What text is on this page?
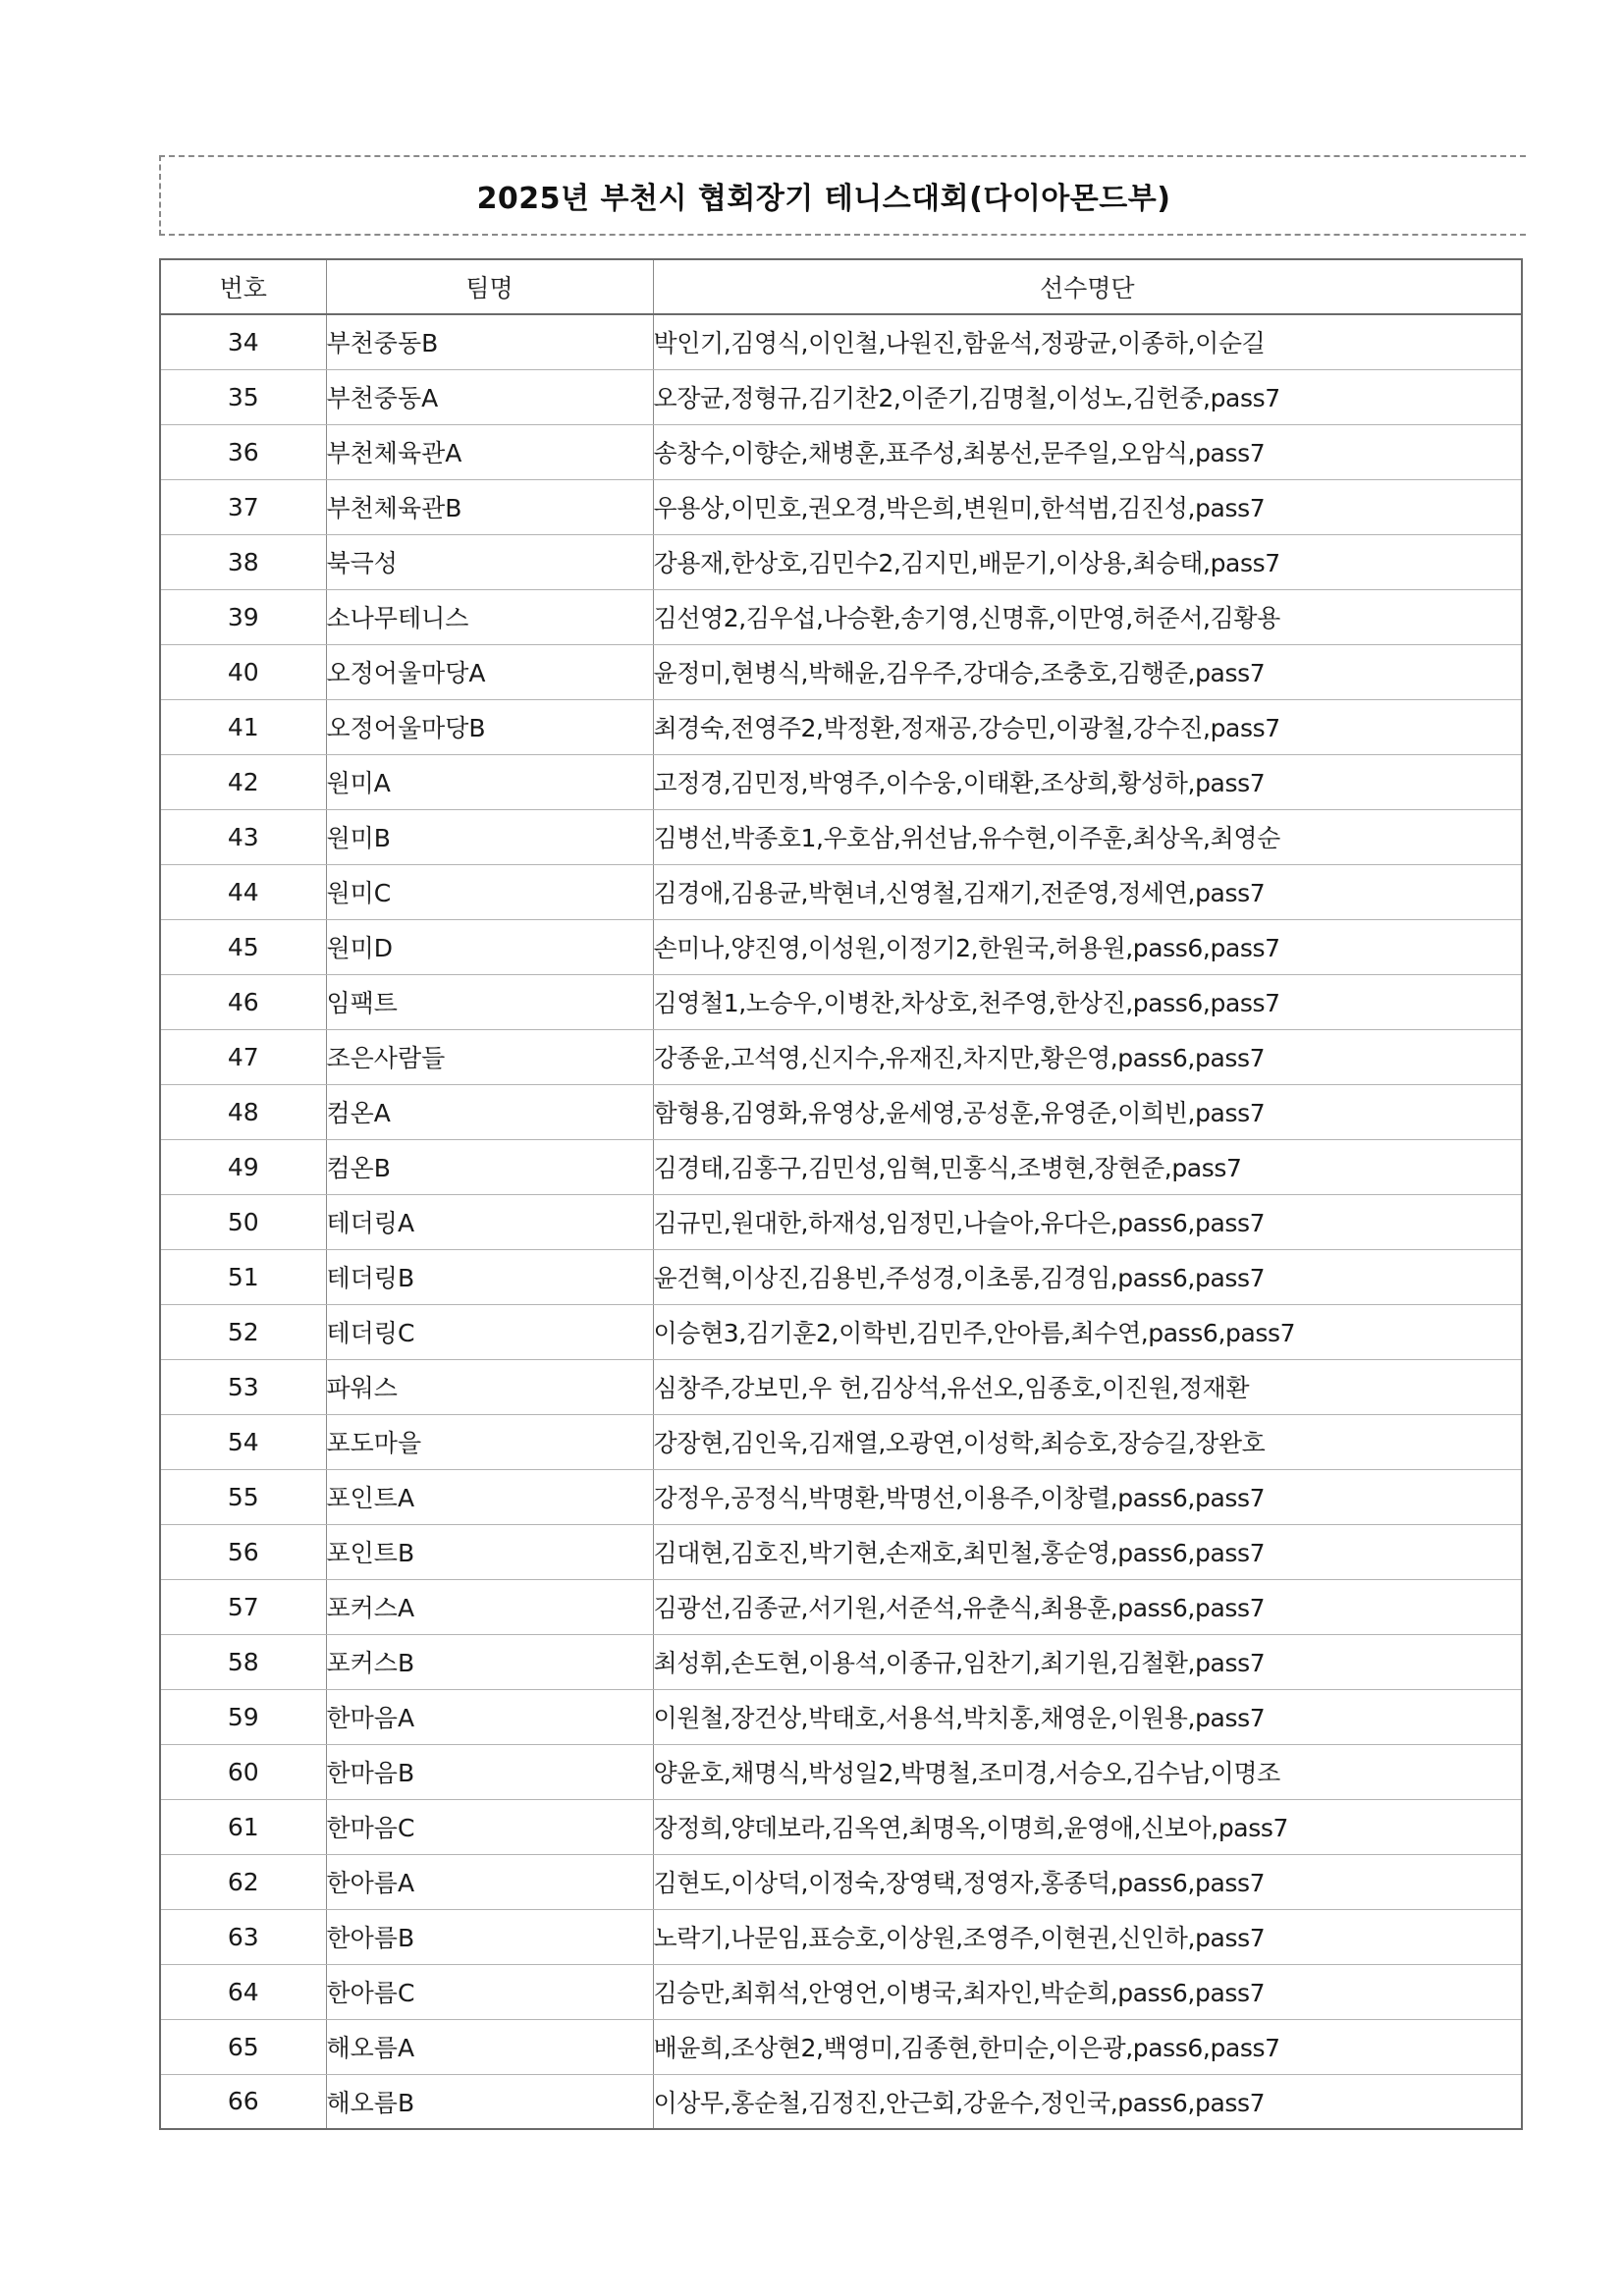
2025년 부천시 협회장기 테니스대회(다이아몬드부)
번호	팀명	선수명단
34	부천중동B	박인기,김영식,이인철,나원진,함윤석,정광균,이종하,이순길
35	부천중동A	오장균,정형규,김기찬2,이준기,김명철,이성노,김헌중,pass7
36	부천체육관A	송창수,이향순,채병훈,표주성,최봉선,문주일,오암식,pass7
37	부천체육관B	우용상,이민호,권오경,박은희,변원미,한석범,김진성,pass7
38	북극성	강용재,한상호,김민수2,김지민,배문기,이상용,최승태,pass7
39	소나무테니스	김선영2,김우섭,나승환,송기영,신명휴,이만영,허준서,김황용
40	오정어울마당A	윤정미,현병식,박해윤,김우주,강대승,조충호,김행준,pass7
41	오정어울마당B	최경숙,전영주2,박정환,정재공,강승민,이광철,강수진,pass7
42	원미A	고정경,김민정,박영주,이수웅,이태환,조상희,황성하,pass7
43	원미B	김병선,박종호1,우호삼,위선남,유수현,이주훈,최상옥,최영순
44	원미C	김경애,김용균,박현녀,신영철,김재기,전준영,정세연,pass7
45	원미D	손미나,양진영,이성원,이정기2,한원국,허용원,pass6,pass7
46	임팩트	김영철1,노승우,이병찬,차상호,천주영,한상진,pass6,pass7
47	조은사람들	강종윤,고석영,신지수,유재진,차지만,황은영,pass6,pass7
48	컴온A	함형용,김영화,유영상,윤세영,공성훈,유영준,이희빈,pass7
49	컴온B	김경태,김홍구,김민성,임혁,민홍식,조병현,장현준,pass7
50	테더링A	김규민,원대한,하재성,임정민,나슬아,유다은,pass6,pass7
51	테더링B	윤건혁,이상진,김용빈,주성경,이초롱,김경임,pass6,pass7
52	테더링C	이승현3,김기훈2,이학빈,김민주,안아름,최수연,pass6,pass7
53	파워스	심창주,강보민,우 헌,김상석,유선오,임종호,이진원,정재환
54	포도마을	강장현,김인욱,김재열,오광연,이성학,최승호,장승길,장완호
55	포인트A	강정우,공정식,박명환,박명선,이용주,이창렬,pass6,pass7
56	포인트B	김대현,김호진,박기현,손재호,최민철,홍순영,pass6,pass7
57	포커스A	김광선,김종균,서기원,서준석,유춘식,최용훈,pass6,pass7
58	포커스B	최성휘,손도현,이용석,이종규,임찬기,최기원,김철환,pass7
59	한마음A	이원철,장건상,박태호,서용석,박치홍,채영운,이원용,pass7
60	한마음B	양윤호,채명식,박성일2,박명철,조미경,서승오,김수남,이명조
61	한마음C	장정희,양데보라,김옥연,최명옥,이명희,윤영애,신보아,pass7
62	한아름A	김현도,이상덕,이정숙,장영택,정영자,홍종덕,pass6,pass7
63	한아름B	노락기,나문임,표승호,이상원,조영주,이현권,신인하,pass7
64	한아름C	김승만,최휘석,안영언,이병국,최자인,박순희,pass6,pass7
65	해오름A	배윤희,조상현2,백영미,김종현,한미순,이은광,pass6,pass7
66	해오름B	이상무,홍순철,김정진,안근회,강윤수,정인국,pass6,pass7
